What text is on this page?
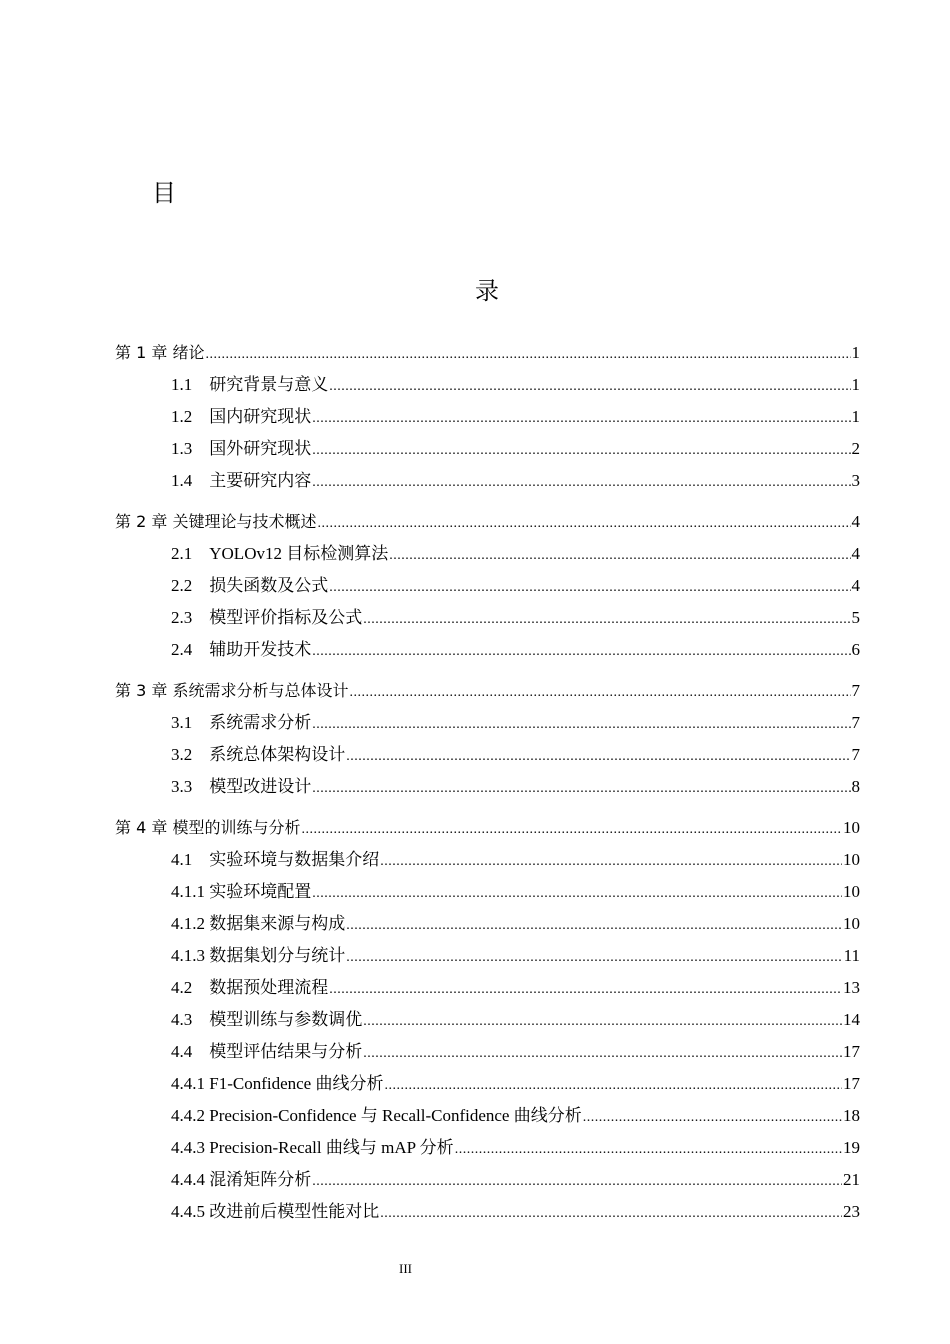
目
录
第 1 章 绪论 .....	1
1.1　研究背景与意义 .....	1
1.2　国内研究现状 .....	1
1.3　国外研究现状 .....	2
1.4　主要研究内容 .....	3
第 2 章 关键理论与技术概述 .....	4
2.1　YOLOv12 目标检测算法 .....	4
2.2　损失函数及公式 .....	4
2.3　模型评价指标及公式 .....	5
2.4　辅助开发技术 .....	6
第 3 章 系统需求分析与总体设计 .....	7
3.1　系统需求分析 .....	7
3.2　系统总体架构设计 .....	7
3.3　模型改进设计 .....	8
第 4 章 模型的训练与分析 .....	10
4.1　实验环境与数据集介绍 .....	10
4.1.1 实验环境配置 .....	10
4.1.2 数据集来源与构成 .....	10
4.1.3 数据集划分与统计 .....	11
4.2　数据预处理流程 .....	13
4.3　模型训练与参数调优 .....	14
4.4　模型评估结果与分析 .....	17
4.4.1 F1-Confidence 曲线分析 .....	17
4.4.2 Precision-Confidence 与 Recall-Confidence 曲线分析 .....	18
4.4.3 Precision-Recall 曲线与 mAP 分析 .....	19
4.4.4 混淆矩阵分析 .....	21
4.4.5 改进前后模型性能对比 .....	23
III
